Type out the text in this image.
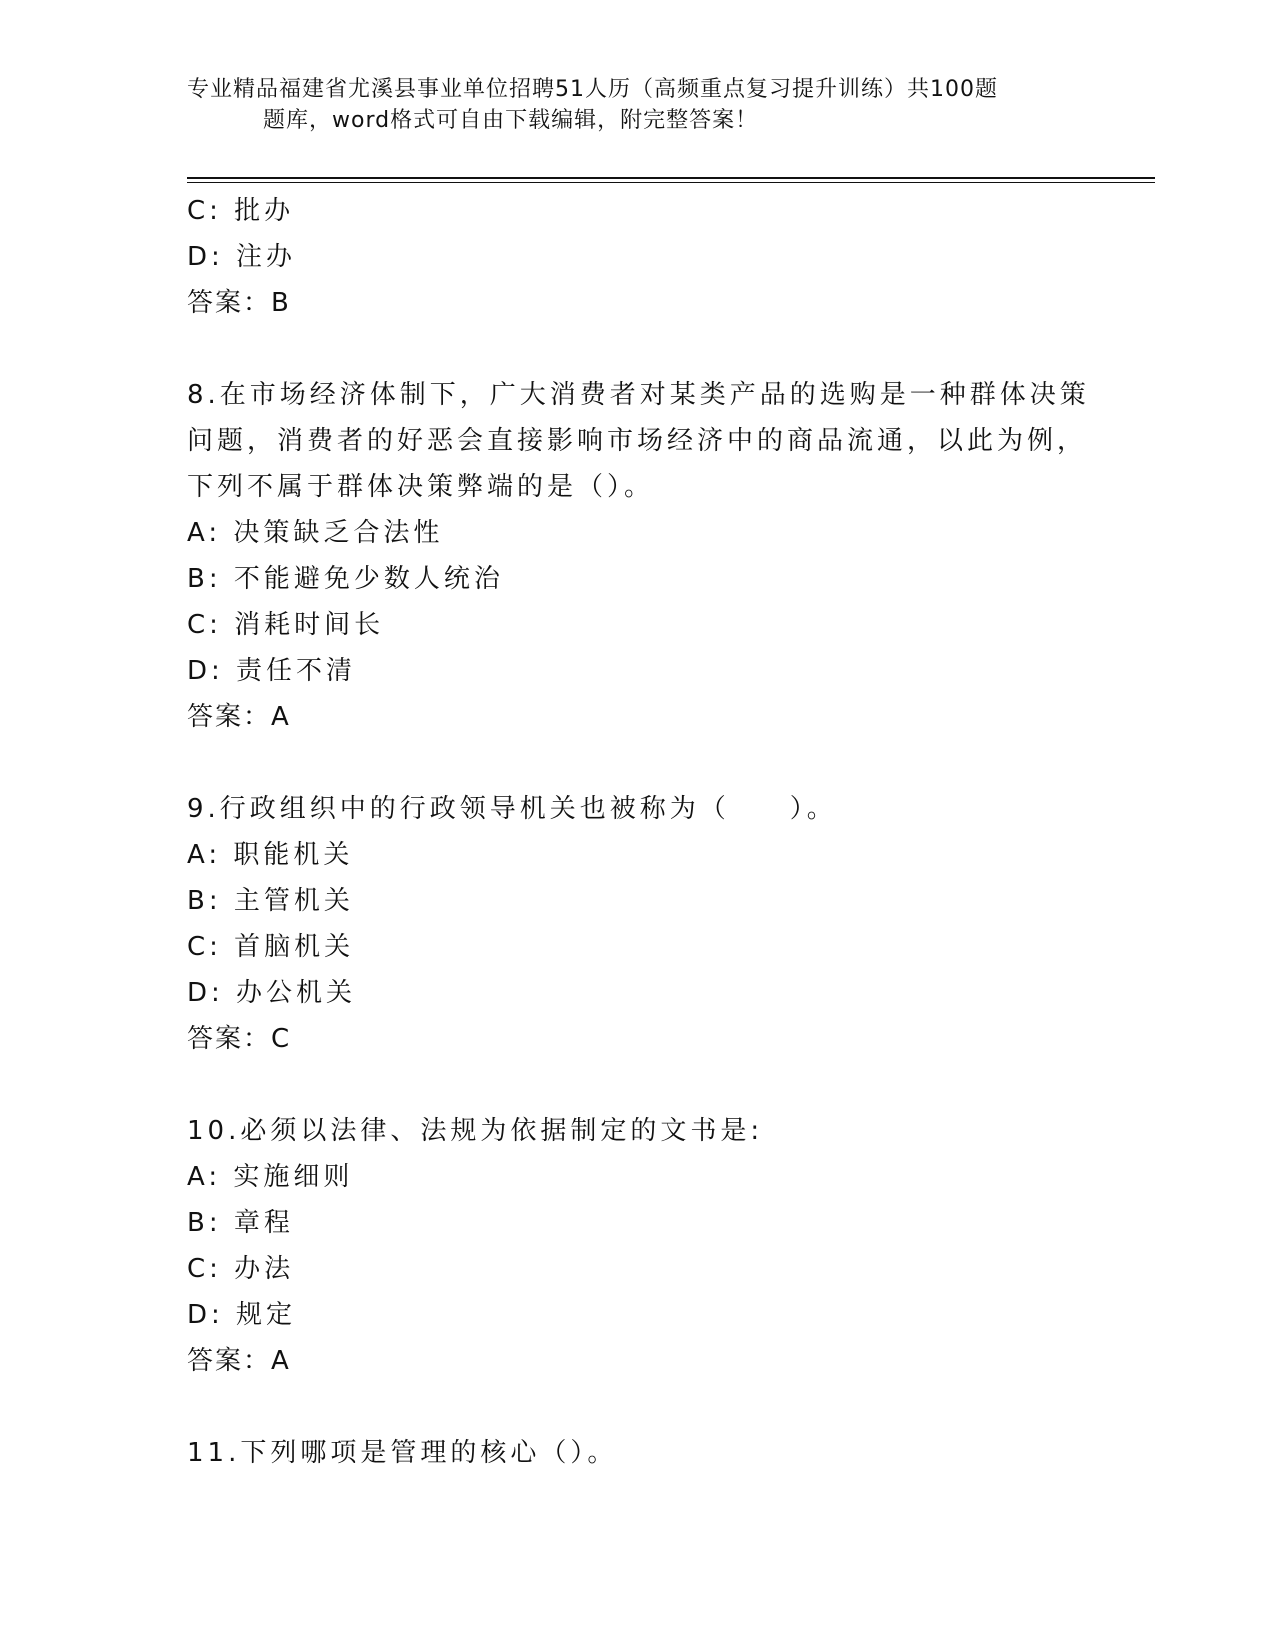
专业精品福建省尤溪县事业单位招聘51人历（高频重点复习提升训练）共100题
题库，word格式可自由下载编辑，附完整答案！
C: 批办
D: 注办
答案：B
8.在市场经济体制下，广大消费者对某类产品的选购是一种群体决策
问题，消费者的好恶会直接影响市场经济中的商品流通，以此为例，
下列不属于群体决策弊端的是（）。
A: 决策缺乏合法性
B: 不能避免少数人统治
C: 消耗时间长
D: 责任不清
答案：A
9.行政组织中的行政领导机关也被称为（　　）。
A: 职能机关
B: 主管机关
C: 首脑机关
D: 办公机关
答案：C
10.必须以法律、法规为依据制定的文书是:
A: 实施细则
B: 章程
C: 办法
D: 规定
答案：A
11.下列哪项是管理的核心（）。
